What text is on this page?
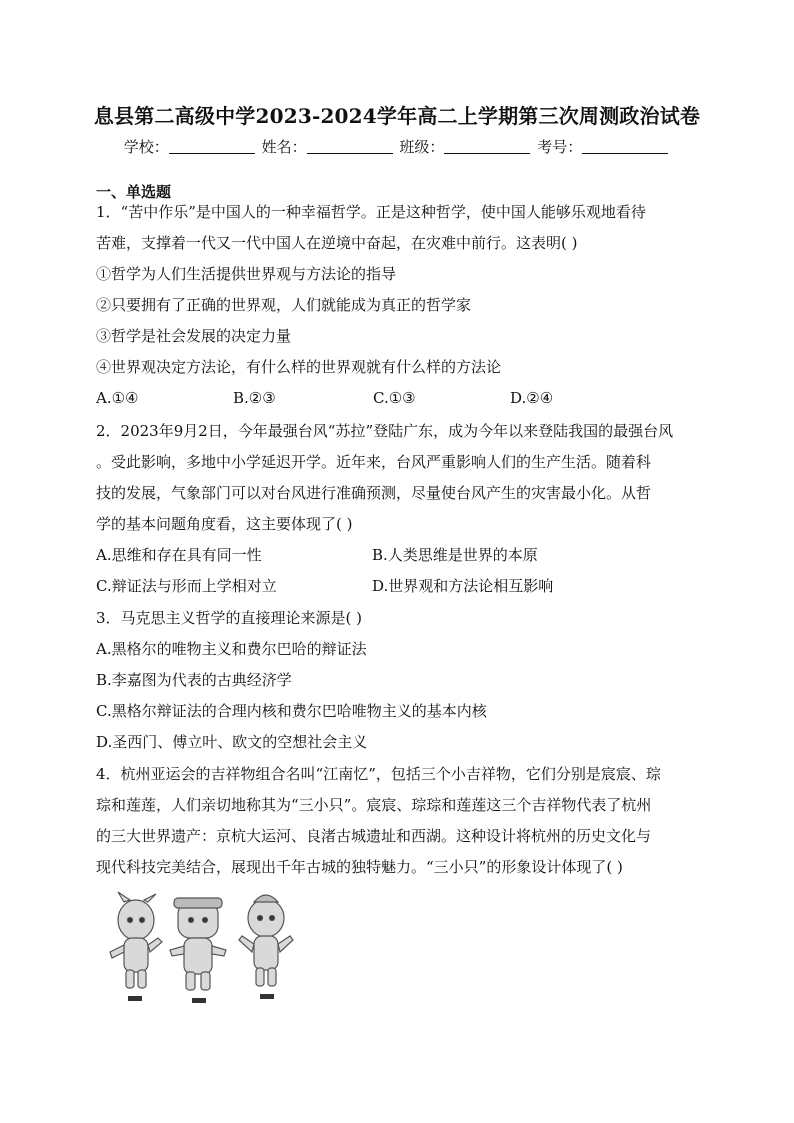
息县第二高级中学2023-2024学年高二上学期第三次周测政治试卷
学校：	姓名：	班级：	考号：
一、单选题
1．“苦中作乐”是中国人的一种幸福哲学。正是这种哲学，使中国人能够乐观地看待
苦难，支撑着一代又一代中国人在逆境中奋起，在灾难中前行。这表明( )
①哲学为人们生活提供世界观与方法论的指导
②只要拥有了正确的世界观，人们就能成为真正的哲学家
③哲学是社会发展的决定力量
④世界观决定方法论，有什么样的世界观就有什么样的方法论
A.①④	B.②③	C.①③	D.②④
2．2023年9月2日，今年最强台风“苏拉”登陆广东，成为今年以来登陆我国的最强台风
。受此影响，多地中小学延迟开学。近年来，台风严重影响人们的生产生活。随着科
技的发展，气象部门可以对台风进行准确预测，尽量使台风产生的灾害最小化。从哲
学的基本问题角度看，这主要体现了( )
A.思维和存在具有同一性	B.人类思维是世界的本原
C.辩证法与形而上学相对立	D.世界观和方法论相互影响
3．马克思主义哲学的直接理论来源是( )
A.黑格尔的唯物主义和费尔巴哈的辩证法
B.李嘉图为代表的古典经济学
C.黑格尔辩证法的合理内核和费尔巴哈唯物主义的基本内核
D.圣西门、傅立叶、欧文的空想社会主义
4．杭州亚运会的吉祥物组合名叫“江南忆”，包括三个小吉祥物，它们分别是宸宸、琮
琮和莲莲，人们亲切地称其为“三小只”。宸宸、琮琮和莲莲这三个吉祥物代表了杭州
的三大世界遗产：京杭大运河、良渚古城遗址和西湖。这种设计将杭州的历史文化与
现代科技完美结合，展现出千年古城的独特魅力。“三小只”的形象设计体现了( )
